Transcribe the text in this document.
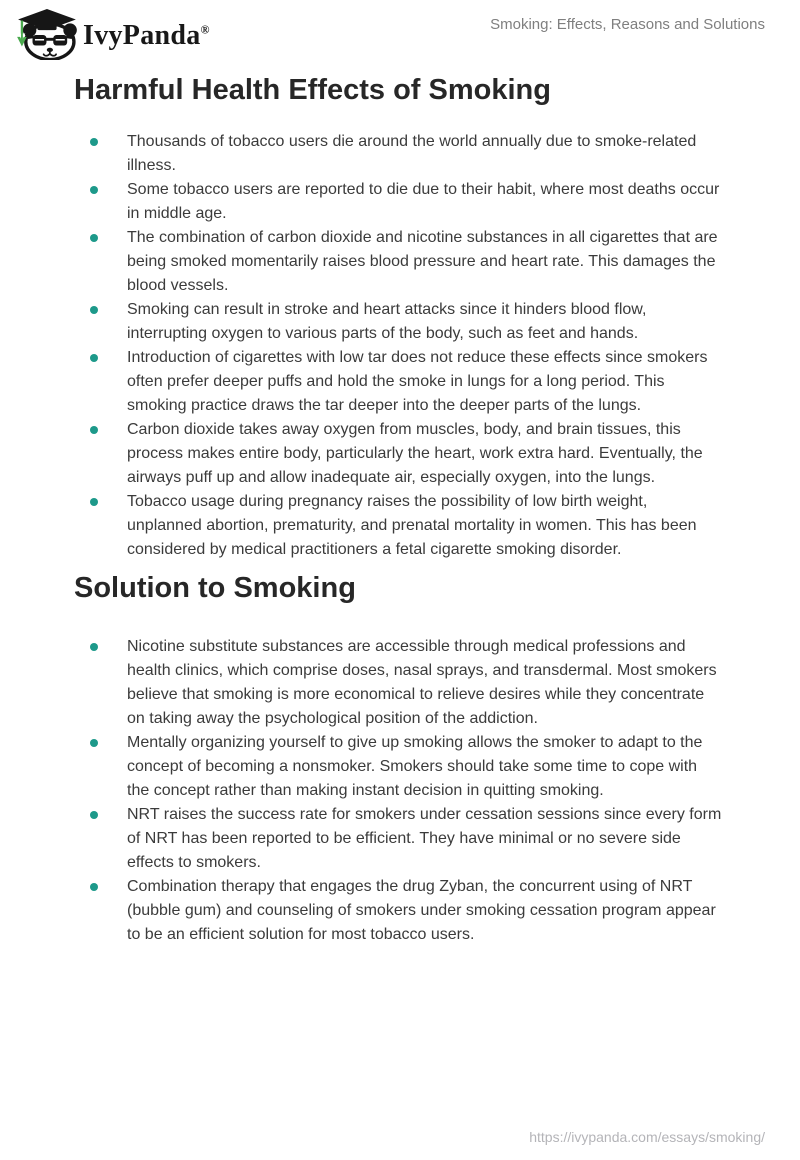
IvyPanda®	Smoking: Effects, Reasons and Solutions
Harmful Health Effects of Smoking
Thousands of tobacco users die around the world annually due to smoke-related illness.
Some tobacco users are reported to die due to their habit, where most deaths occur in middle age.
The combination of carbon dioxide and nicotine substances in all cigarettes that are being smoked momentarily raises blood pressure and heart rate. This damages the blood vessels.
Smoking can result in stroke and heart attacks since it hinders blood flow, interrupting oxygen to various parts of the body, such as feet and hands.
Introduction of cigarettes with low tar does not reduce these effects since smokers often prefer deeper puffs and hold the smoke in lungs for a long period. This smoking practice draws the tar deeper into the deeper parts of the lungs.
Carbon dioxide takes away oxygen from muscles, body, and brain tissues, this process makes entire body, particularly the heart, work extra hard. Eventually, the airways puff up and allow inadequate air, especially oxygen, into the lungs.
Tobacco usage during pregnancy raises the possibility of low birth weight, unplanned abortion, prematurity, and prenatal mortality in women. This has been considered by medical practitioners a fetal cigarette smoking disorder.
Solution to Smoking
Nicotine substitute substances are accessible through medical professions and health clinics, which comprise doses, nasal sprays, and transdermal. Most smokers believe that smoking is more economical to relieve desires while they concentrate on taking away the psychological position of the addiction.
Mentally organizing yourself to give up smoking allows the smoker to adapt to the concept of becoming a nonsmoker. Smokers should take some time to cope with the concept rather than making instant decision in quitting smoking.
NRT raises the success rate for smokers under cessation sessions since every form of NRT has been reported to be efficient. They have minimal or no severe side effects to smokers.
Combination therapy that engages the drug Zyban, the concurrent using of NRT (bubble gum) and counseling of smokers under smoking cessation program appear to be an efficient solution for most tobacco users.
https://ivypanda.com/essays/smoking/
